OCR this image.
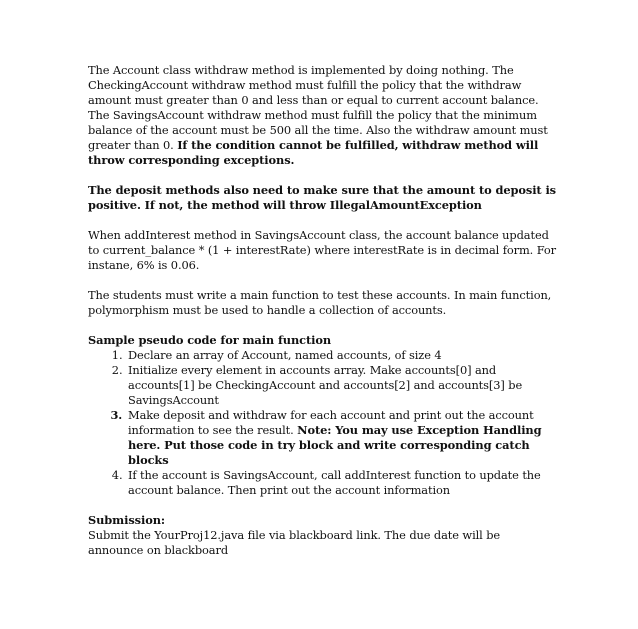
The Account class withdraw method is implemented by doing nothing. The CheckingAccount withdraw method must fulfill the policy that the withdraw amount must greater than 0 and less than or equal to current account balance. The SavingsAccount withdraw method must fulfill the policy that the minimum balance of the account must be 500 all the time. Also the withdraw amount must greater than 0. If the condition cannot be fulfilled, withdraw method will throw corresponding exceptions.

The deposit methods also need to make sure that the amount to deposit is positive. If not, the method will throw IllegalAmountException

When addInterest method in SavingsAccount class, the account balance updated to current_balance * (1 + interestRate) where interestRate is in decimal form. For instane, 6% is 0.06.

The students must write a main function to test these accounts. In main function, polymorphism must be used to handle a collection of accounts.

Sample pseudo code for main function

1. Declare an array of Account, named accounts, of size 4
2. Initialize every element in accounts array. Make accounts[0] and accounts[1] be CheckingAccount and accounts[2] and accounts[3] be SavingsAccount
3. Make deposit and withdraw for each account and print out the account information to see the result. Note: You may use Exception Handling here. Put those code in try block and write corresponding catch blocks
4. If the account is SavingsAccount, call addInterest function to update the account balance. Then print out the account information

Submission:

Submit the YourProj12.java file via blackboard link. The due date will be announce on blackboard
